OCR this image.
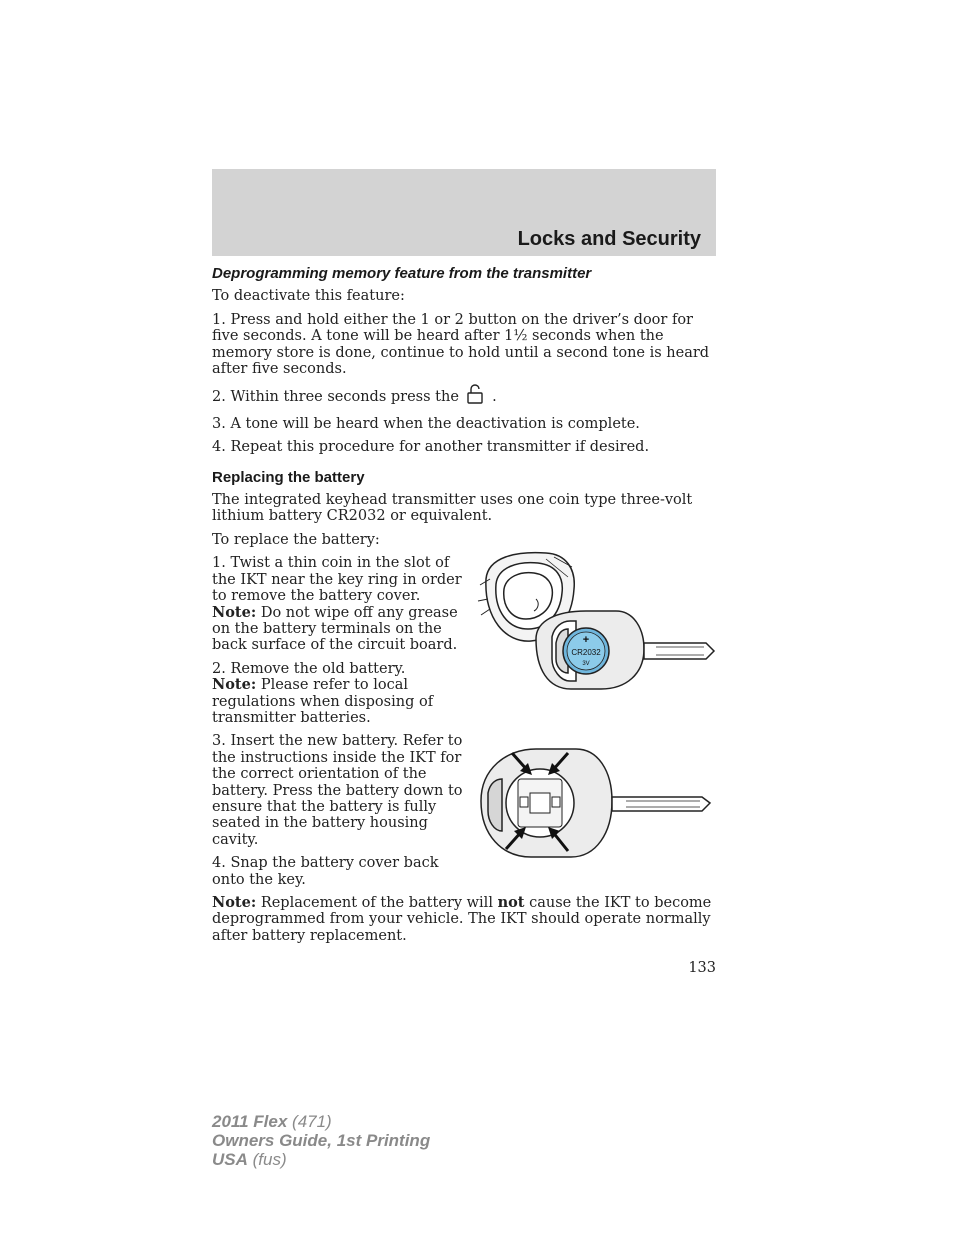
Locks and Security
Deprogramming memory feature from the transmitter

To deactivate this feature:

1. Press and hold either the 1 or 2 button on the driver’s door for five seconds. A tone will be heard after 1½ seconds when the memory store is done, continue to hold until a second tone is heard after five seconds.

2. Within three seconds press the .

3. A tone will be heard when the deactivation is complete.

4. Repeat this procedure for another transmitter if desired.

Replacing the battery

The integrated keyhead transmitter uses one coin type three-volt lithium battery CR2032 or equivalent.

To replace the battery:

1. Twist a thin coin in the slot of the IKT near the key ring in order to remove the battery cover.
Note: Do not wipe off any grease on the battery terminals on the back surface of the circuit board.

2. Remove the old battery.
Note: Please refer to local regulations when disposing of transmitter batteries.

3. Insert the new battery. Refer to the instructions inside the IKT for the correct orientation of the battery. Press the battery down to ensure that the battery is fully seated in the battery housing cavity.

4. Snap the battery cover back onto the key.

+
CR2032
3V

Note: Replacement of the battery will not cause the IKT to become deprogrammed from your vehicle. The IKT should operate normally after battery replacement.

133
2011 Flex (471)
Owners Guide, 1st Printing
USA (fus)
